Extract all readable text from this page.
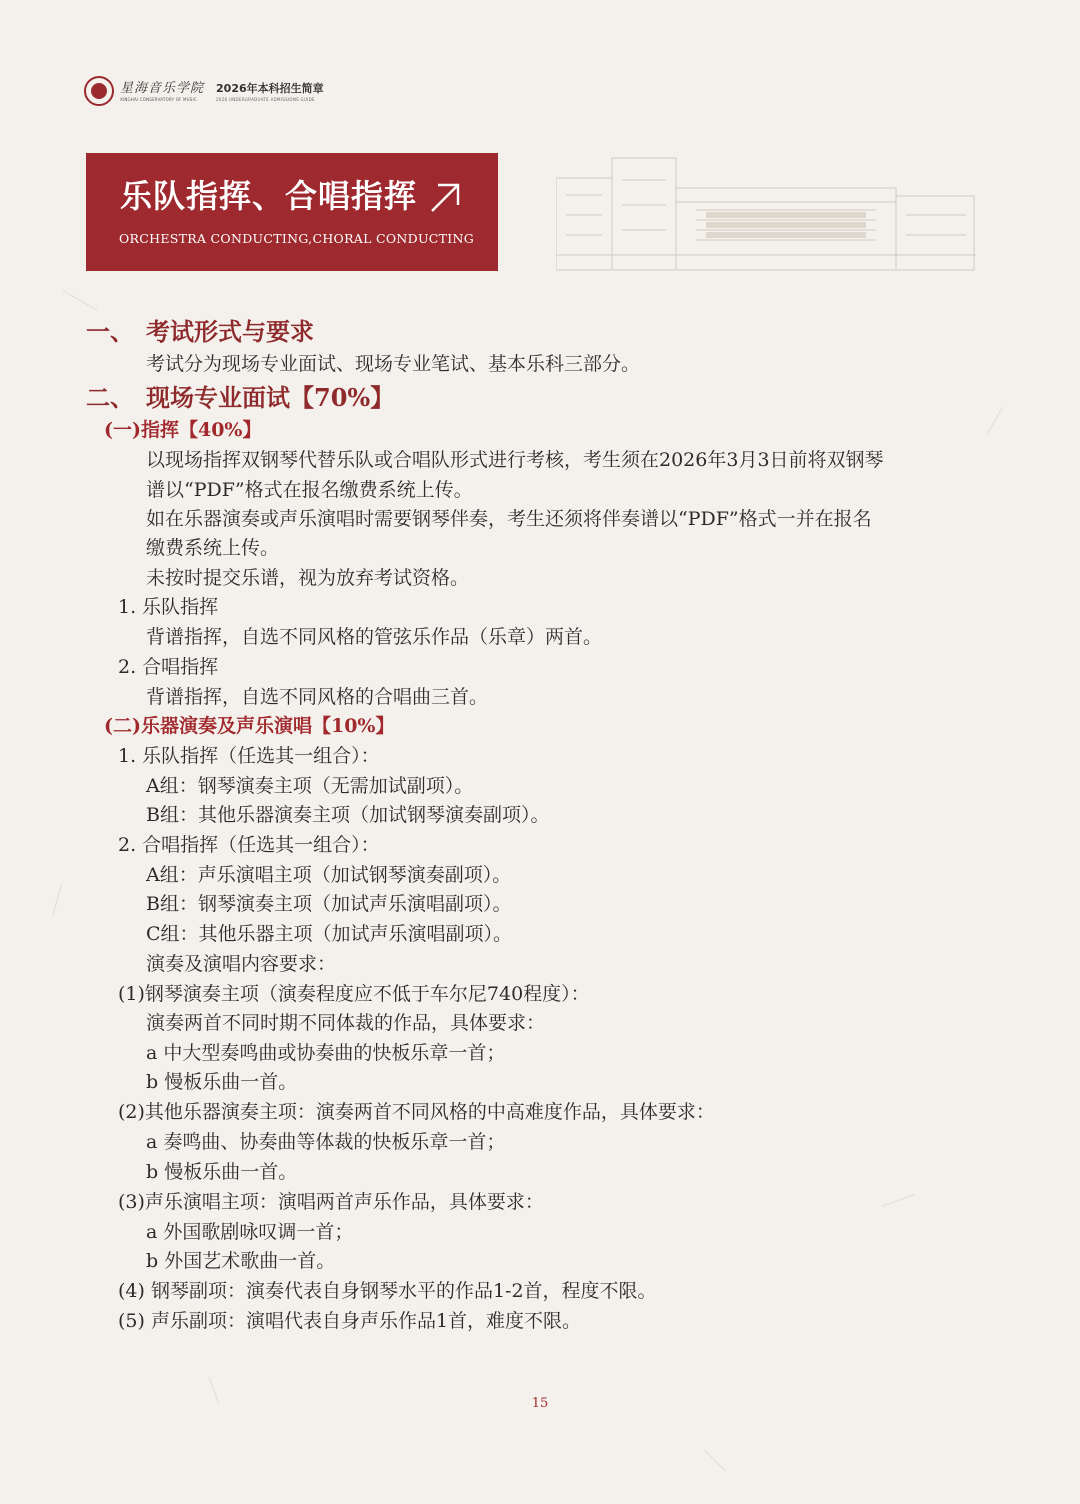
星海音乐学院
XINGHAI CONSERVATORY OF MUSIC
2026年本科招生简章
2026 UNDERGRADUATE ADMISSIONS GUIDE
乐队指挥、合唱指挥
ORCHESTRA CONDUCTING,CHORAL CONDUCTING
一、 考试形式与要求
考试分为现场专业面试、现场专业笔试、基本乐科三部分。
二、 现场专业面试【70%】
(一)指挥【40%】
以现场指挥双钢琴代替乐队或合唱队形式进行考核，考生须在2026年3月3日前将双钢琴
谱以“PDF”格式在报名缴费系统上传。
如在乐器演奏或声乐演唱时需要钢琴伴奏，考生还须将伴奏谱以“PDF”格式一并在报名
缴费系统上传。
未按时提交乐谱，视为放弃考试资格。
1. 乐队指挥
背谱指挥，自选不同风格的管弦乐作品（乐章）两首。
2. 合唱指挥
背谱指挥，自选不同风格的合唱曲三首。
(二)乐器演奏及声乐演唱【10%】
1. 乐队指挥（任选其一组合）：
A组：钢琴演奏主项（无需加试副项）。
B组：其他乐器演奏主项（加试钢琴演奏副项）。
2. 合唱指挥（任选其一组合）：
A组：声乐演唱主项（加试钢琴演奏副项）。
B组：钢琴演奏主项（加试声乐演唱副项）。
C组：其他乐器主项（加试声乐演唱副项）。
演奏及演唱内容要求：
(1)钢琴演奏主项（演奏程度应不低于车尔尼740程度）：
演奏两首不同时期不同体裁的作品，具体要求：
a 中大型奏鸣曲或协奏曲的快板乐章一首；
b 慢板乐曲一首。
(2)其他乐器演奏主项：演奏两首不同风格的中高难度作品，具体要求：
a 奏鸣曲、协奏曲等体裁的快板乐章一首；
b 慢板乐曲一首。
(3)声乐演唱主项：演唱两首声乐作品，具体要求：
a 外国歌剧咏叹调一首；
b 外国艺术歌曲一首。
(4) 钢琴副项：演奏代表自身钢琴水平的作品1-2首，程度不限。
(5) 声乐副项：演唱代表自身声乐作品1首，难度不限。
15
